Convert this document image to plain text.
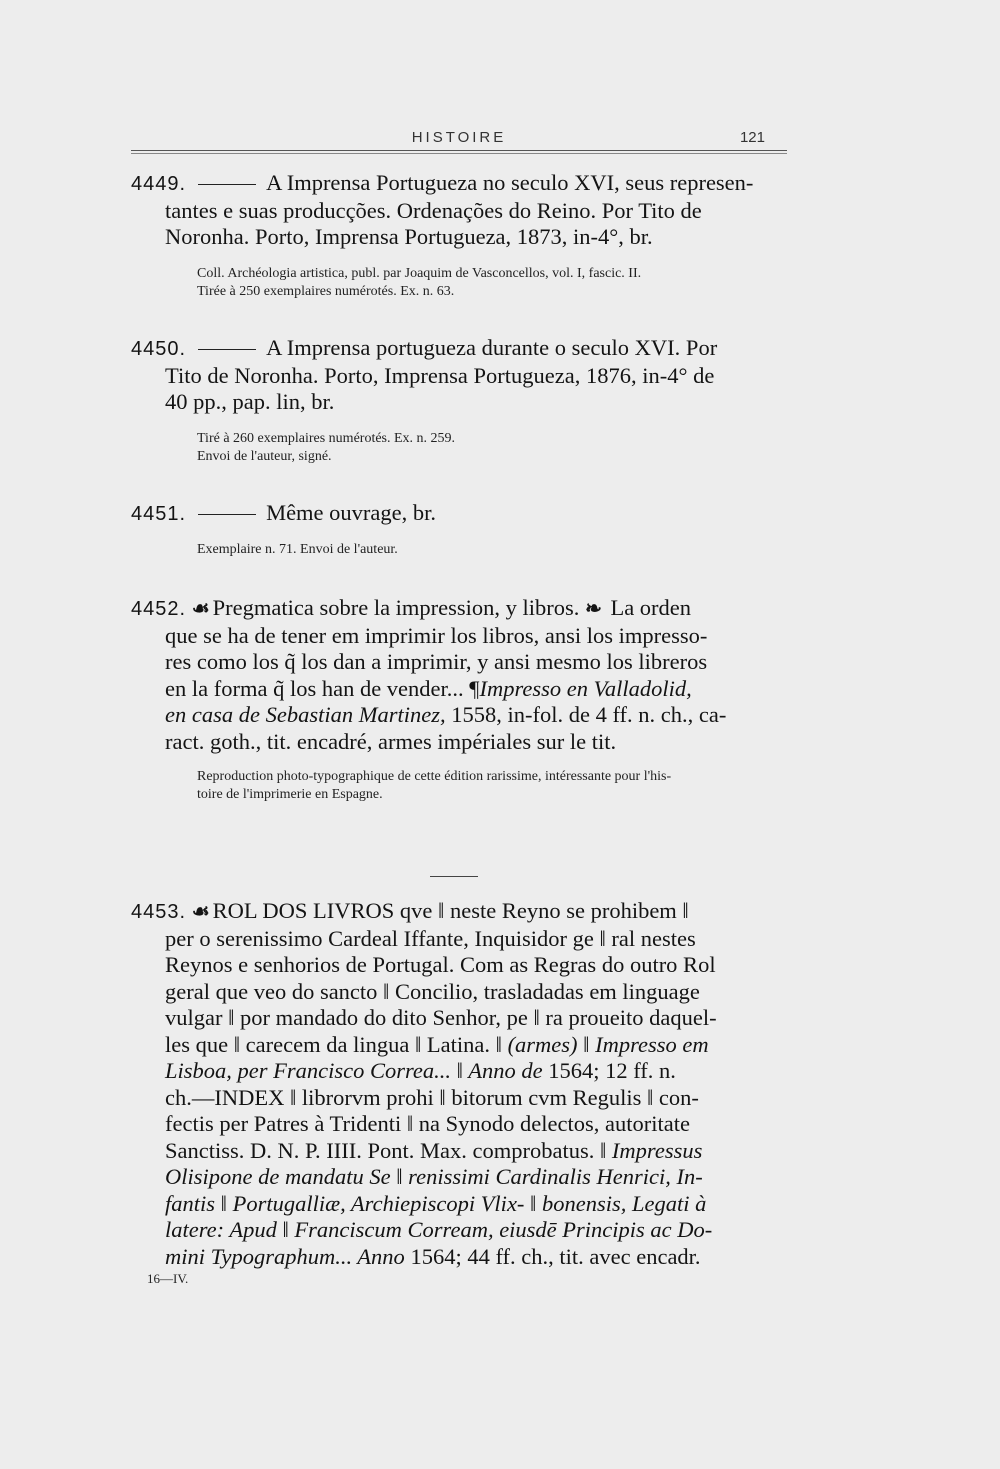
HISTOIRE	121
4449.	A Imprensa Portugueza no seculo XVI, seus represen-
tantes e suas producções. Ordenações do Reino. Por Tito de
Noronha. Porto, Imprensa Portugueza, 1873, in-4°, br.
Coll. Archéologia artistica, publ. par Joaquim de Vasconcellos, vol. I, fascic. II.
Tirée à 250 exemplaires numérotés. Ex. n. 63.
4450.	A Imprensa portugueza durante o seculo XVI. Por
Tito de Noronha. Porto, Imprensa Portugueza, 1876, in-4° de
40 pp., pap. lin, br.
Tiré à 260 exemplaires numérotés. Ex. n. 259.
Envoi de l'auteur, signé.
4451.	Même ouvrage, br.
Exemplaire n. 71. Envoi de l'auteur.
4452. ☙ Pregmatica sobre la impression, y libros. ❧ La orden
que se ha de tener em imprimir los libros, ansi los impresso-
res como los q̃ los dan a imprimir, y ansi mesmo los libreros
en la forma q̃ los han de vender... ¶Impresso en Valladolid,
en casa de Sebastian Martinez, 1558, in-fol. de 4 ff. n. ch., ca-
ract. goth., tit. encadré, armes impériales sur le tit.
Reproduction photo-typographique de cette édition rarissime, intéressante pour l'his-
toire de l'imprimerie en Espagne.
4453. ☙ ROL DOS LIVROS qve ‖ neste Reyno se prohibem ‖
per o serenissimo Cardeal Iffante, Inquisidor ge ‖ ral nestes
Reynos e senhorios de Portugal. Com as Regras do outro Rol
geral que veo do sancto ‖ Concilio, trasladadas em linguage
vulgar ‖ por mandado do dito Senhor, pe ‖ ra proueito daquel-
les que ‖ carecem da lingua ‖ Latina. ‖ (armes) ‖ Impresso em
Lisboa, per Francisco Correa... ‖ Anno de 1564; 12 ff. n.
ch.—INDEX ‖ librorvm prohi ‖ bitorum cvm Regulis ‖ con-
fectis per Patres à Tridenti ‖ na Synodo delectos, autoritate
Sanctiss. D. N. P. IIII. Pont. Max. comprobatus. ‖ Impressus
Olisipone de mandatu Se ‖ renissimi Cardinalis Henrici, In-
fantis ‖ Portugalliæ, Archiepiscopi Vlix- ‖ bonensis, Legati à
latere: Apud ‖ Franciscum Corream, eiusdē Principis ac Do-
mini Typographum... Anno 1564; 44 ff. ch., tit. avec encadr.
16—IV.
